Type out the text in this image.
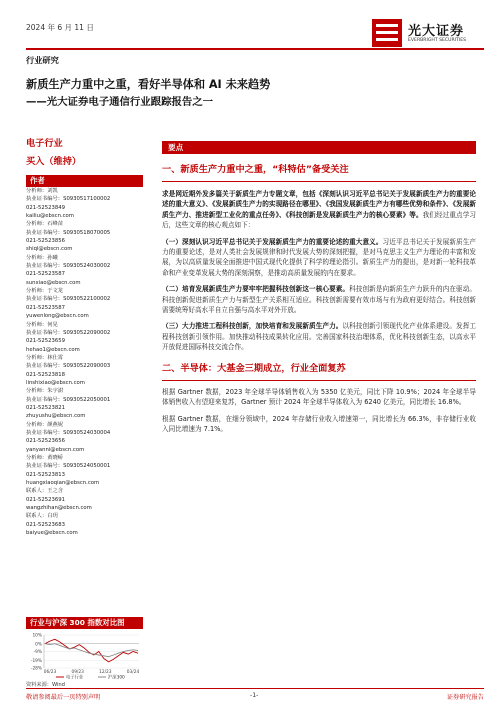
2024 年 6 月 11 日	光大证券
EVERBRIGHT SECURITIES
行业研究
新质生产力重中之重，看好半导体和 AI 未来趋势
——光大证券电子通信行业跟踪报告之一
电子行业
买入（维持）
作者
分析师：刘凯
执业证书编号：S0930517100002
021-52523849
kailiu@ebscn.com
分析师：石峰苗
执业证书编号：S0930518070005
021-52523856
shiql@ebscn.com
分析师：孙曦
执业证书编号：S0930524030002
021-52523587
sunxiao@ebscn.com
分析师：于文龙
执业证书编号：S0930522100002
021-52523587
yuwenlong@ebscn.com
分析师：何晃
执业证书编号：S0930522090002
021-52523659
hehao1@ebscn.com
分析师：林仕霄
执业证书编号：S0930522090003
021-52523818
linshixiao@ebscn.com
分析师：朱宇澍
执业证书编号：S0930522050001
021-52523821
zhuyushu@ebscn.com
分析师：颜燕妮
执业证书编号：S0930524030004
021-52523656
yanyanni@ebscn.com
分析师：黄晓峤
执业证书编号：S0930524050001
021-52523813
huangxiaoqian@ebscn.com
联系人：王之含
021-52523691
wangzhihan@ebscn.com
联系人：白玥
021-52523683
baiyue@ebscn.com
行业与沪深 300 指数对比图
10%
0%
-9%
-19%
-28%
06/23	09/23	12/23	03/24
电子行业	沪深300
资料来源：Wind
要点
一、新质生产力重中之重，“科特估”备受关注
求是网近期外发多篇关于新质生产力专题文章，包括《深刻认识习近平总书记关于发展新质生产力的重要论述的重大意义》、《发展新质生产力的实现路径在哪里》、《我国发展新质生产力有哪些优势和条件》、《发展新质生产力、推进新型工业化的重点任务》、《科技创新是发展新质生产力的核心要素》等。我们经过重点学习后，这些文章的核心观点如下：
（一）深刻认识习近平总书记关于发展新质生产力的重要论述的重大意义。习近平总书记关于发展新质生产力的重要论述，是对人类社会发展规律和时代发展大势的深刻把握，是对马克思主义生产力理论的丰富和发展，为以高质量发展全面推进中国式现代化提供了科学的理论指引。新质生产力的提出，是对新一轮科技革命和产业变革发展大势的深刻洞察，是推动高质量发展的内在要求。
（二）培育发展新质生产力要牢牢把握科技创新这一核心要素。科技创新是向新质生产力跃升的内在驱动。科技创新促进新质生产力与新型生产关系相互适应。科技创新需要有效市场与有为政府更好结合。科技创新需要统筹好高水平自立自强与高水平对外开放。
（三）大力推进工程科技创新，加快培育和发展新质生产力。以科技创新引领现代化产业体系建设。发挥工程科技创新引领作用。加快推动科技成果转化应用。完善国家科技治理体系，优化科技创新生态，以高水平开放促进国际科技交流合作。
二、半导体：大基金三期成立，行业全面复苏
根据 Gartner 数据，2023 年全球半导体销售收入为 5350 亿美元，同比下降 10.9%；2024 年全球半导体销售收入有望迎来复苏，Gartner 预计 2024 年全球半导体收入为 6240 亿美元，同比增长 16.8%。
根据 Gartner 数据，在细分领域中，2024 年存储行业收入增速第一，同比增长为 66.3%，非存储行业收入同比增速为 7.1%。
敬请参阅最后一页特别声明	-1-	证券研究报告
